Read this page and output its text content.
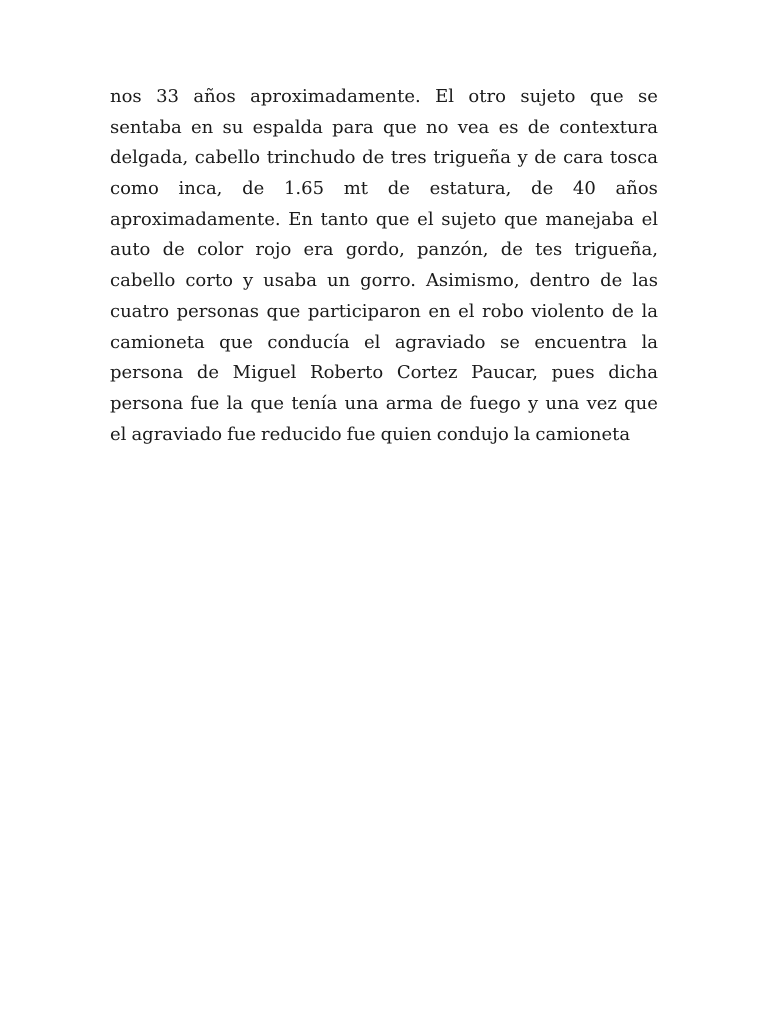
nos 33 años aproximadamente. El otro sujeto que se
sentaba en su espalda para que no vea es de contextura
delgada, cabello trinchudo de tres trigueña y de cara tosca
como inca, de 1.65 mt de estatura, de 40 años
aproximadamente. En tanto que el sujeto que manejaba el
auto de color rojo era gordo, panzón, de tes trigueña,
cabello corto y usaba un gorro. Asimismo, dentro de las
cuatro personas que participaron en el robo violento de la
camioneta que conducía el agraviado se encuentra la
persona de Miguel Roberto Cortez Paucar, pues dicha
persona fue la que tenía una arma de fuego y una vez que
el agraviado fue reducido fue quien condujo la camioneta
